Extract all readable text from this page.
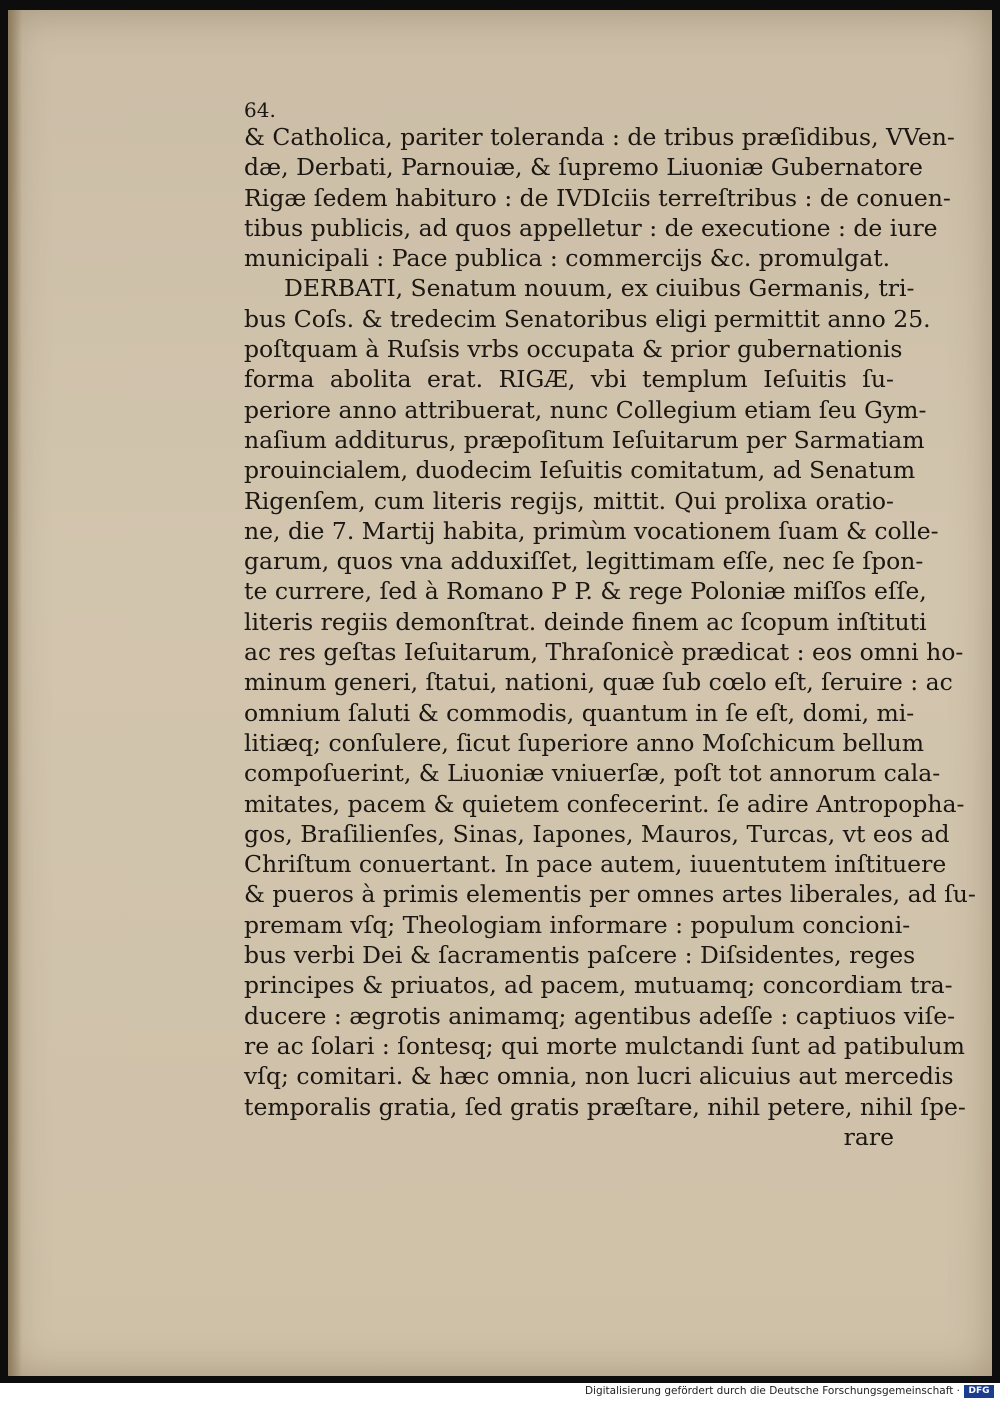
64.
& Catholica, pariter toleranda : de tribus præſidibus, VVen-
dæ, Derbati, Parnouiæ, & ſupremo Liuoniæ Gubernatore
Rigæ ſedem habituro : de IVDIciis terreſtribus : de conuen-
tibus publicis, ad quos appelletur : de executione : de iure
municipali : Pace publica : commercijs &c. promulgat.
DERBATI, Senatum nouum, ex ciuibus Germanis, tri-
bus Coſs. & tredecim Senatoribus eligi permittit anno 25.
poſtquam à Ruſsis vrbs occupata & prior gubernationis
forma abolita erat. RIGÆ, vbi templum Ieſuitis ſu-
periore anno attribuerat, nunc Collegium etiam ſeu Gym-
naſium additurus, præpoſitum Ieſuitarum per Sarmatiam
prouincialem, duodecim Ieſuitis comitatum, ad Senatum
Rigenſem, cum literis regijs, mittit. Qui prolixa oratio-
ne, die 7. Martij habita, primùm vocationem ſuam & colle-
garum, quos vna adduxiſſet, legittimam eſſe, nec ſe ſpon-
te currere, ſed à Romano P P. & rege Poloniæ miſſos eſſe,
literis regiis demonſtrat. deinde finem ac ſcopum inſtituti
ac res geſtas Ieſuitarum, Thraſonicè prædicat : eos omni ho-
minum generi, ſtatui, nationi, quæ ſub cœlo eſt, ſeruire : ac
omnium ſaluti & commodis, quantum in ſe eſt, domi, mi-
litiæq; conſulere, ſicut ſuperiore anno Moſchicum bellum
compoſuerint, & Liuoniæ vniuerſæ, poſt tot annorum cala-
mitates, pacem & quietem confecerint. ſe adire Antropopha-
gos, Braſilienſes, Sinas, Iapones, Mauros, Turcas, vt eos ad
Chriſtum conuertant. In pace autem, iuuentutem inſtituere
& pueros à primis elementis per omnes artes liberales, ad ſu-
premam vſq; Theologiam informare : populum concioni-
bus verbi Dei & ſacramentis paſcere : Diſsidentes, reges
principes & priuatos, ad pacem, mutuamq; concordiam tra-
ducere : ægrotis animamq; agentibus adeſſe : captiuos viſe-
re ac ſolari : ſontesq; qui morte mulctandi ſunt ad patibulum
vſq; comitari. & hæc omnia, non lucri alicuius aut mercedis
temporalis gratia, ſed gratis præſtare, nihil petere, nihil ſpe-
rare
Digitalisierung gefördert durch die Deutsche Forschungsgemeinschaft · DFG
